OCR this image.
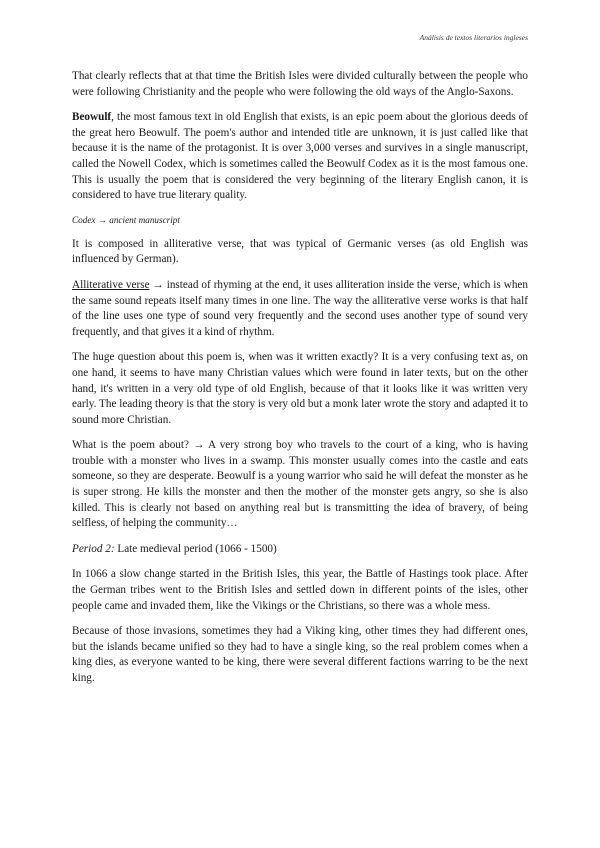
Análisis de textos literarios ingleses

That clearly reflects that at that time the British Isles were divided culturally between the people who were following Christianity and the people who were following the old ways of the Anglo-Saxons.

Beowulf, the most famous text in old English that exists, is an epic poem about the glorious deeds of the great hero Beowulf. The poem's author and intended title are unknown, it is just called like that because it is the name of the protagonist. It is over 3,000 verses and survives in a single manuscript, called the Nowell Codex, which is sometimes called the Beowulf Codex as it is the most famous one. This is usually the poem that is considered the very beginning of the literary English canon, it is considered to have true literary quality.

Codex → ancient manuscript

It is composed in alliterative verse, that was typical of Germanic verses (as old English was influenced by German).

Alliterative verse → instead of rhyming at the end, it uses alliteration inside the verse, which is when the same sound repeats itself many times in one line. The way the alliterative verse works is that half of the line uses one type of sound very frequently and the second uses another type of sound very frequently, and that gives it a kind of rhythm.

The huge question about this poem is, when was it written exactly? It is a very confusing text as, on one hand, it seems to have many Christian values which were found in later texts, but on the other hand, it's written in a very old type of old English, because of that it looks like it was written very early. The leading theory is that the story is very old but a monk later wrote the story and adapted it to sound more Christian.

What is the poem about? → A very strong boy who travels to the court of a king, who is having trouble with a monster who lives in a swamp. This monster usually comes into the castle and eats someone, so they are desperate. Beowulf is a young warrior who said he will defeat the monster as he is super strong. He kills the monster and then the mother of the monster gets angry, so she is also killed. This is clearly not based on anything real but is transmitting the idea of bravery, of being selfless, of helping the community…

Period 2: Late medieval period (1066 - 1500)

In 1066 a slow change started in the British Isles, this year, the Battle of Hastings took place. After the German tribes went to the British Isles and settled down in different points of the isles, other people came and invaded them, like the Vikings or the Christians, so there was a whole mess.

Because of those invasions, sometimes they had a Viking king, other times they had different ones, but the islands became unified so they had to have a single king, so the real problem comes when a king dies, as everyone wanted to be king, there were several different factions warring to be the next king.
